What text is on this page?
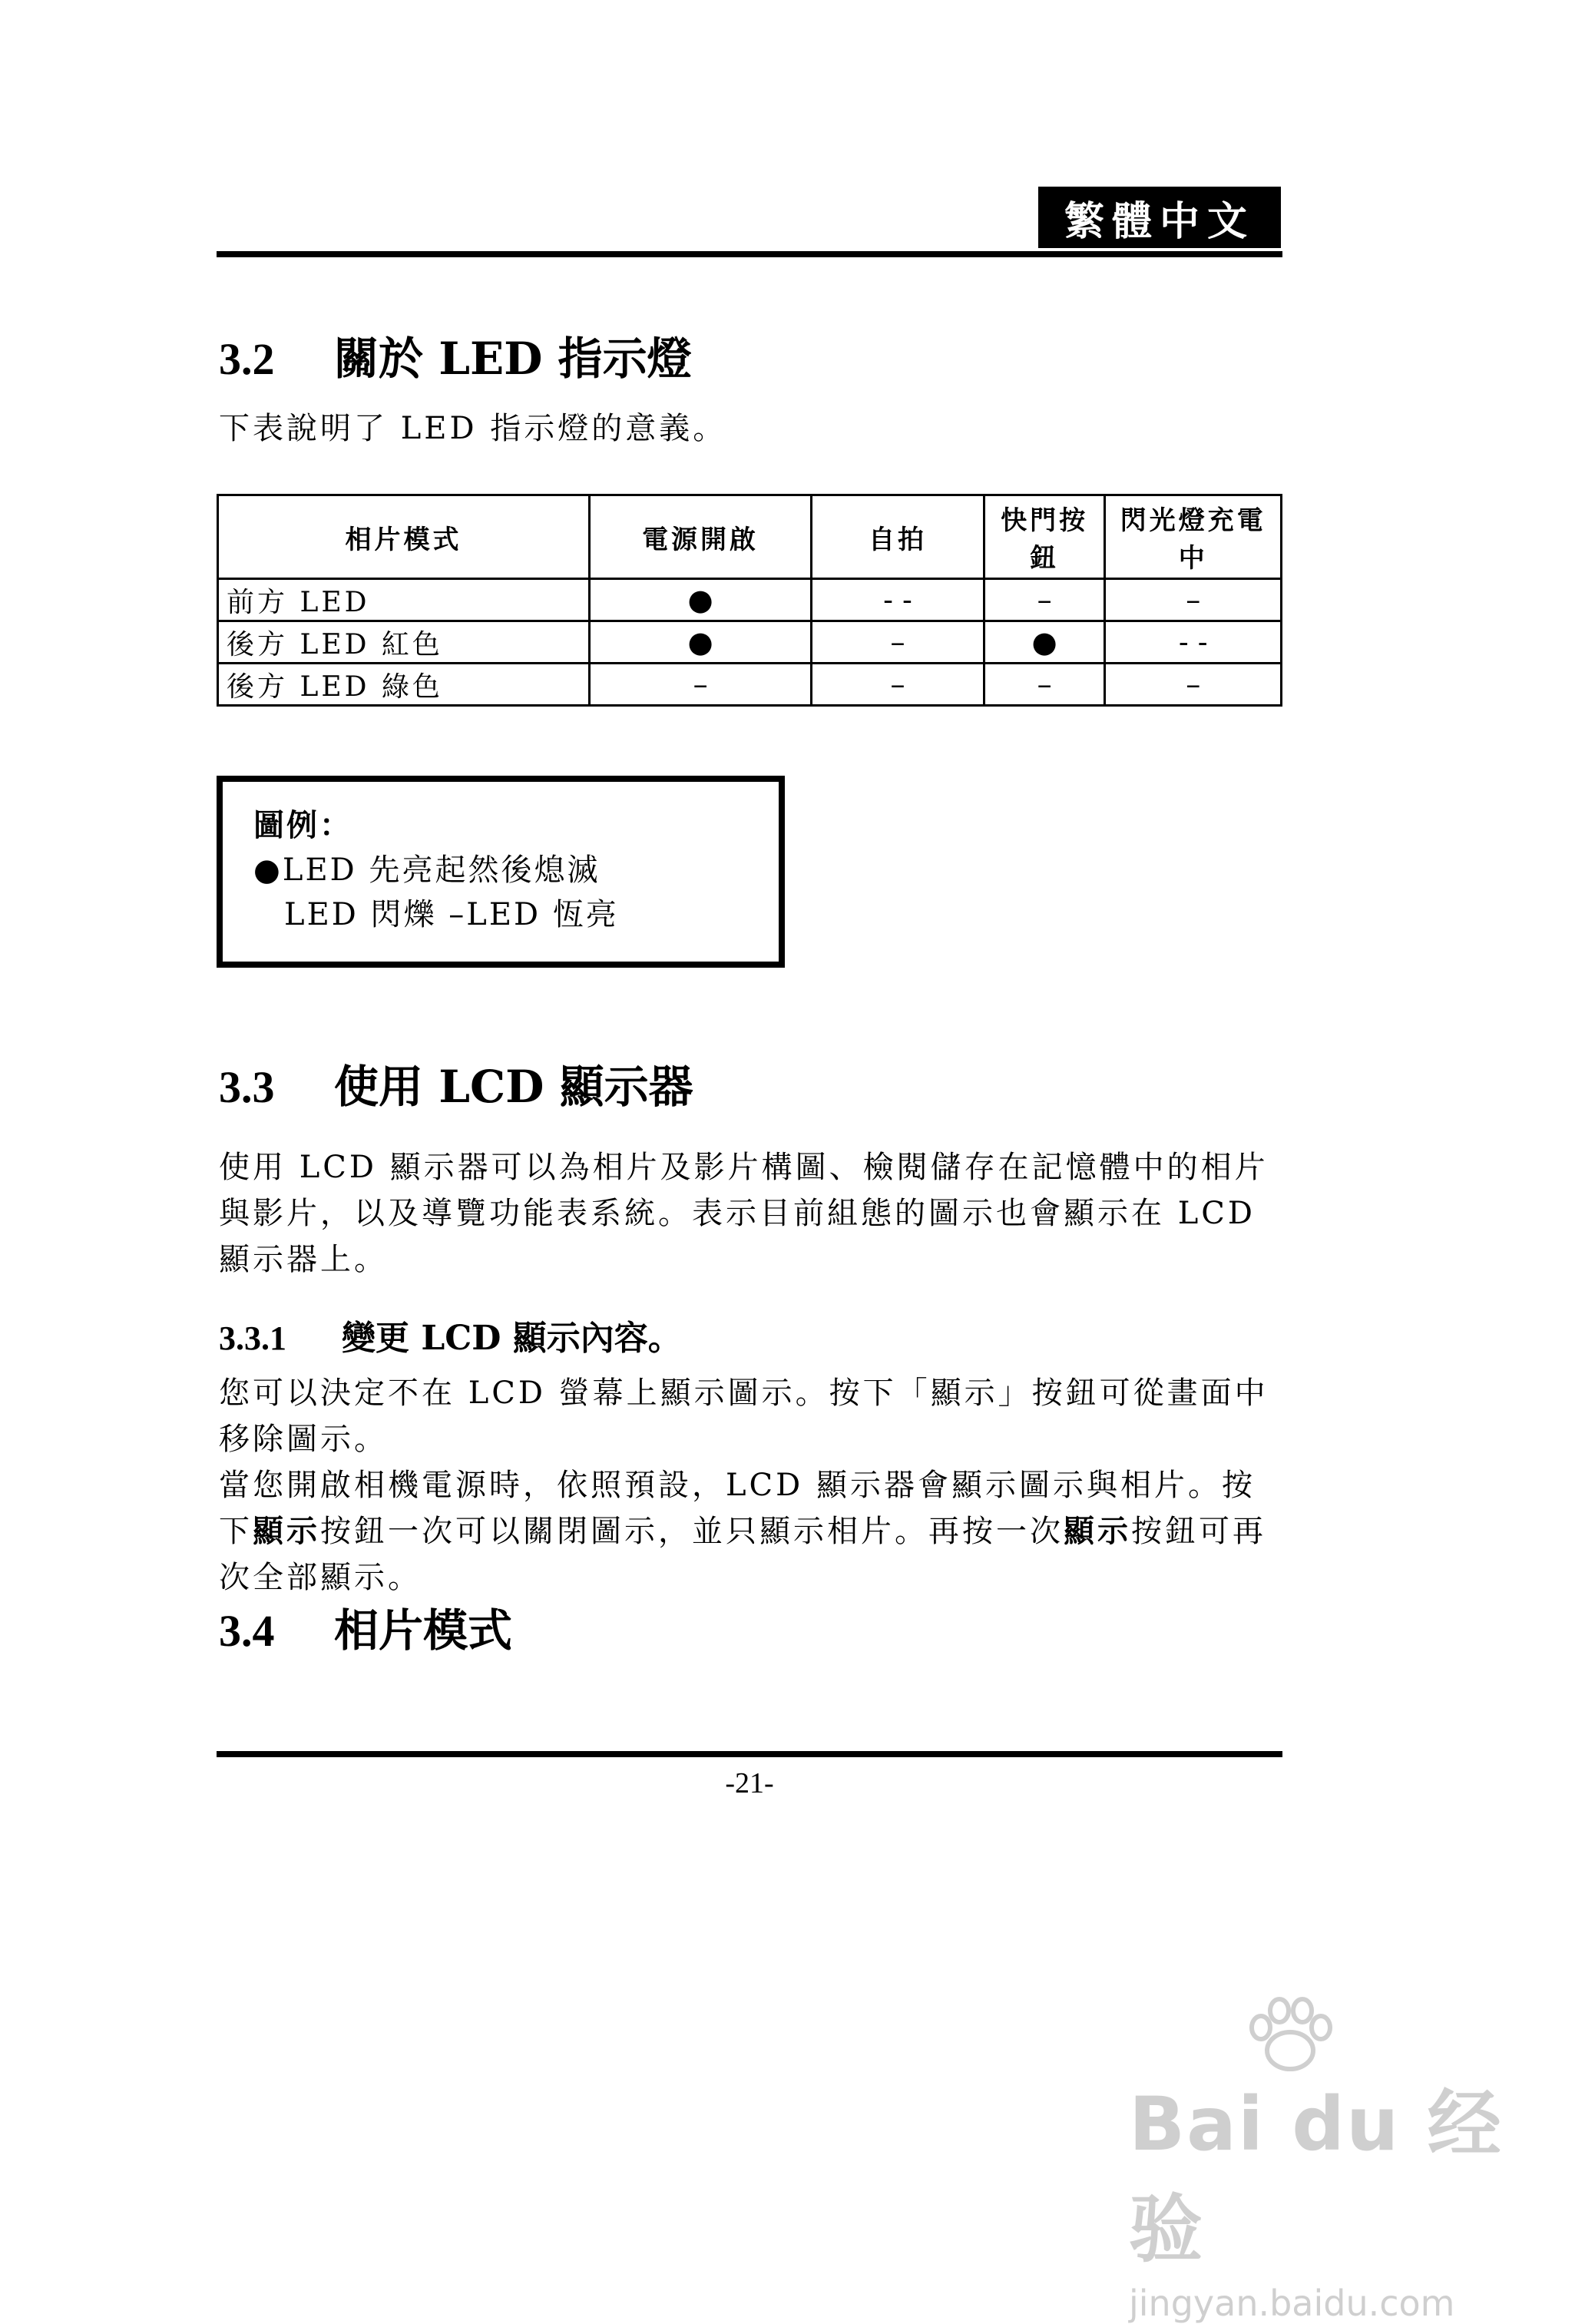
繁體中文
3.2 關於 LED 指示燈
下表說明了 LED 指示燈的意義。
相片模式	電源開啟	自拍	快門按鈕	閃光燈充電中
前方 LED	●	- -	–	–
後方 LED 紅色	●	–	●	- -
後方 LED 綠色	–	–	–	–
圖例：
●LED 先亮起然後熄滅
LED 閃爍 –LED 恆亮
3.3 使用 LCD 顯示器
使用 LCD 顯示器可以為相片及影片構圖、檢閱儲存在記憶體中的相片與影片，以及導覽功能表系統。表示目前組態的圖示也會顯示在 LCD 顯示器上。
3.3.1 變更 LCD 顯示內容。
您可以決定不在 LCD 螢幕上顯示圖示。按下「顯示」按鈕可從畫面中移除圖示。
當您開啟相機電源時，依照預設，LCD 顯示器會顯示圖示與相片。按下顯示按鈕一次可以關閉圖示，並只顯示相片。再按一次顯示按鈕可再次全部顯示。
3.4 相片模式
-21-
Bai du 经验
jingyan.baidu.com
